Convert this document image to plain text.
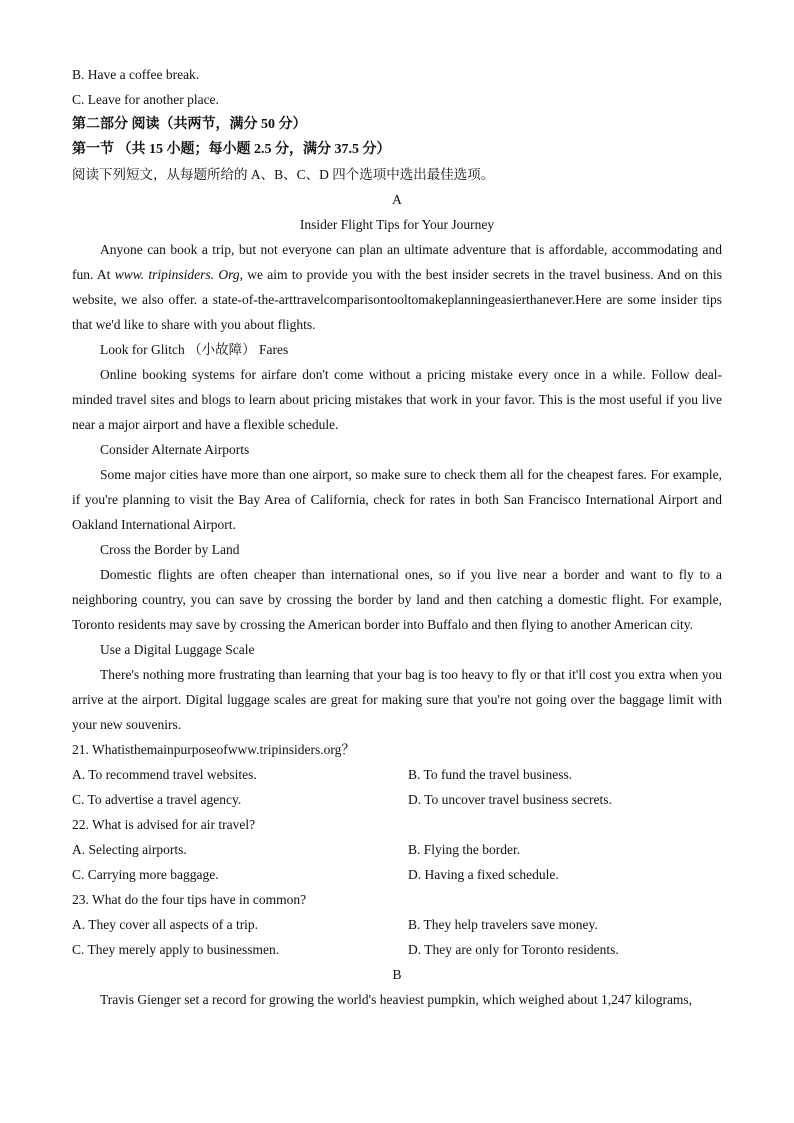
B. Have a coffee break.
C. Leave for another place.
第二部分 阅读（共两节，满分 50 分）
第一节 （共 15 小题；每小题 2.5 分，满分 37.5 分）
阅读下列短文，从每题所给的 A、B、C、D 四个选项中选出最佳选项。
A
Insider Flight Tips for Your Journey
Anyone can book a trip, but not everyone can plan an ultimate adventure that is affordable, accommodating and fun. At www. tripinsiders. Org, we aim to provide you with the best insider secrets in the travel business. And on this website, we also offer. a state-of-the-arttravelcomparisontooltomakeplanningeasierthanever.Here are some insider tips that we'd like to share with you about flights.
Look for Glitch （小故障） Fares
Online booking systems for airfare don't come without a pricing mistake every once in a while. Follow deal-minded travel sites and blogs to learn about pricing mistakes that work in your favor. This is the most useful if you live near a major airport and have a flexible schedule.
Consider Alternate Airports
Some major cities have more than one airport, so make sure to check them all for the cheapest fares. For example, if you're planning to visit the Bay Area of California, check for rates in both San Francisco International Airport and Oakland International Airport.
Cross the Border by Land
Domestic flights are often cheaper than international ones, so if you live near a border and want to fly to a neighboring country, you can save by crossing the border by land and then catching a domestic flight. For example, Toronto residents may save by crossing the American border into Buffalo and then flying to another American city.
Use a Digital Luggage Scale
There's nothing more frustrating than learning that your bag is too heavy to fly or that it'll cost you extra when you arrive at the airport. Digital luggage scales are great for making sure that you're not going over the baggage limit with your new souvenirs.
21. Whatisthemainpurposeofwww.tripinsiders.org？
A. To recommend travel websites.	B. To fund the travel business.
C. To advertise a travel agency.	D. To uncover travel business secrets.
22. What is advised for air travel?
A. Selecting airports.	B. Flying the border.
C. Carrying more baggage.	D. Having a fixed schedule.
23. What do the four tips have in common?
A. They cover all aspects of a trip.	B. They help travelers save money.
C. They merely apply to businessmen.	D. They are only for Toronto residents.
B
Travis Gienger set a record for growing the world's heaviest pumpkin, which weighed about 1,247 kilograms,
